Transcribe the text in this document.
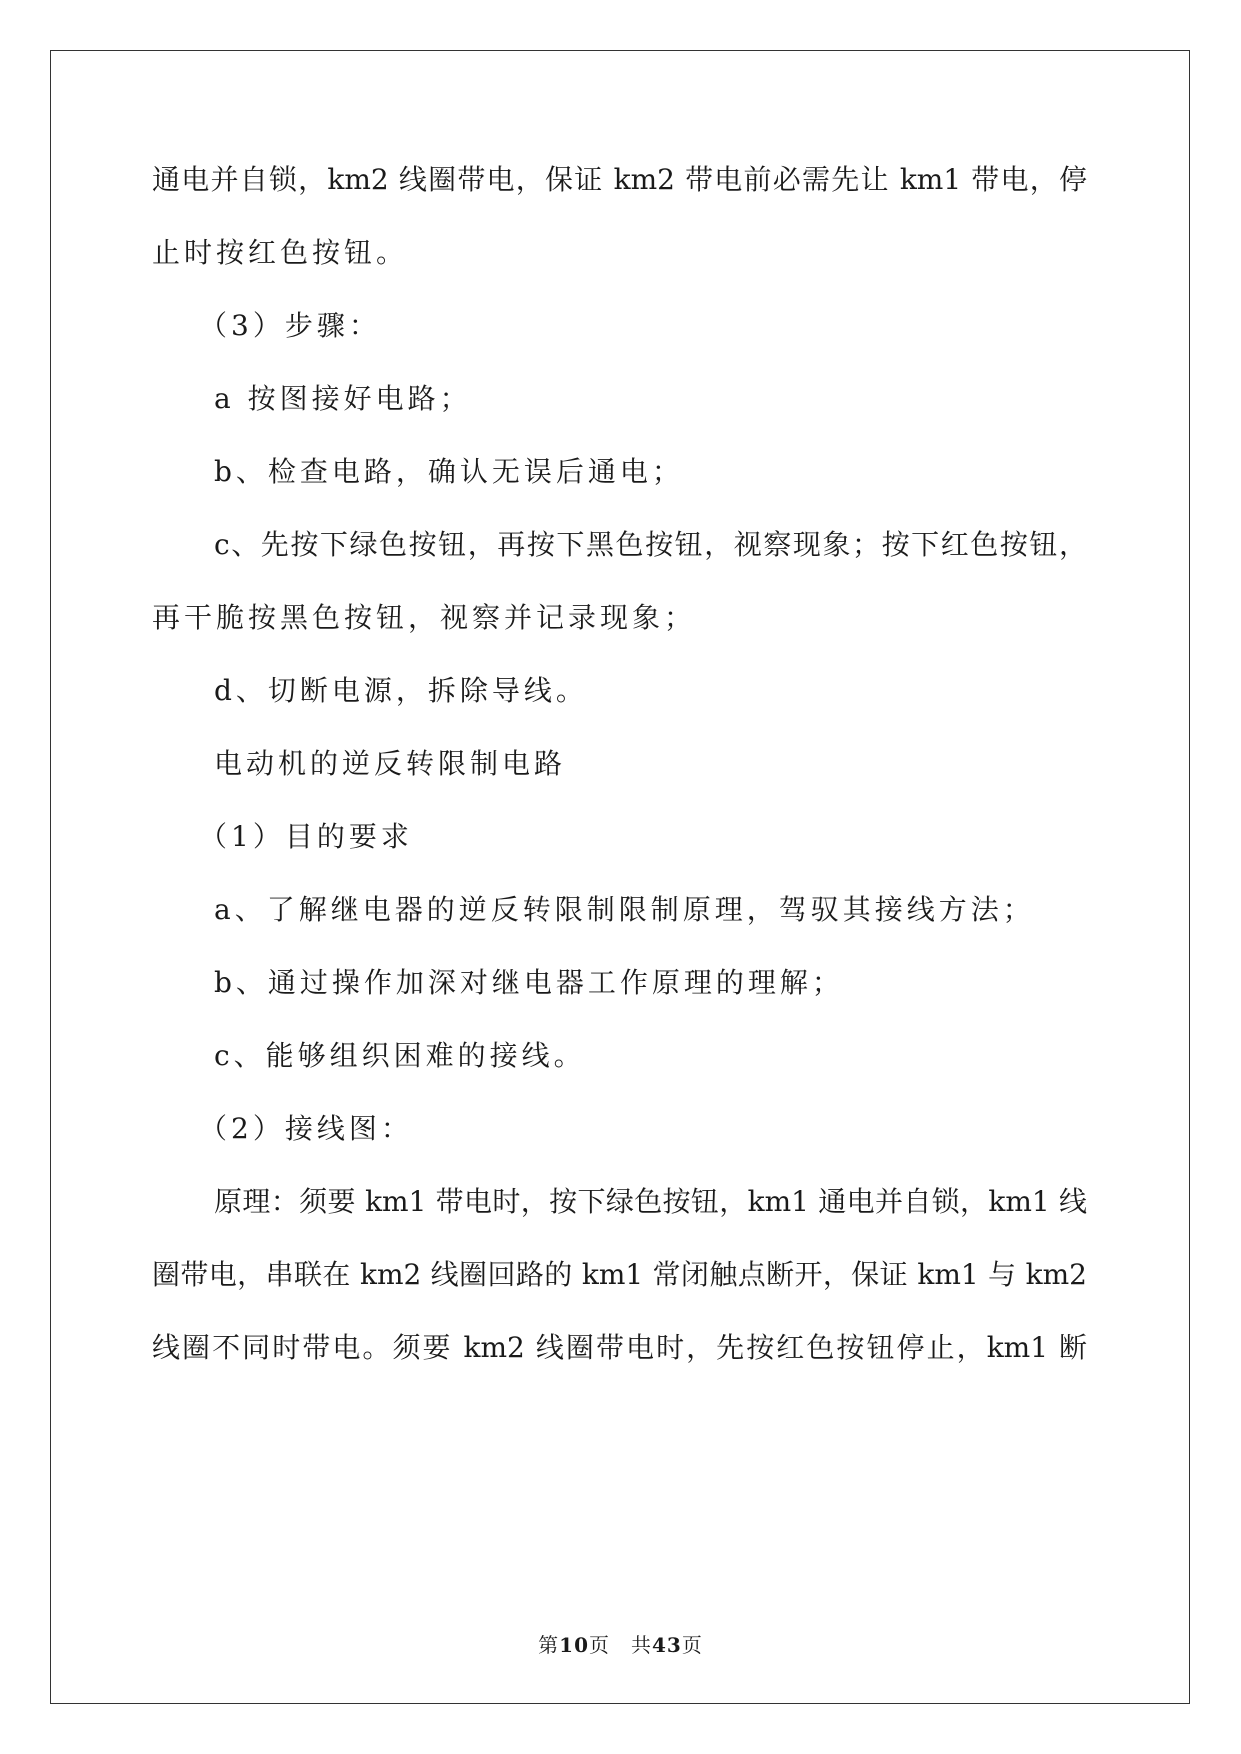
通电并自锁，km2 线圈带电，保证 km2 带电前必需先让 km1 带电，停
止时按红色按钮。
（3）步骤：
a 按图接好电路；
b、检查电路，确认无误后通电；
c、先按下绿色按钮，再按下黑色按钮，视察现象；按下红色按钮，
再干脆按黑色按钮，视察并记录现象；
d、切断电源，拆除导线。
电动机的逆反转限制电路
（1）目的要求
a、了解继电器的逆反转限制限制原理，驾驭其接线方法；
b、通过操作加深对继电器工作原理的理解；
c、能够组织困难的接线。
（2）接线图：
原理：须要 km1 带电时，按下绿色按钮，km1 通电并自锁，km1 线
圈带电，串联在 km2 线圈回路的 km1 常闭触点断开，保证 km1 与 km2
线圈不同时带电。须要 km2 线圈带电时，先按红色按钮停止，km1 断
第10页　共43页
